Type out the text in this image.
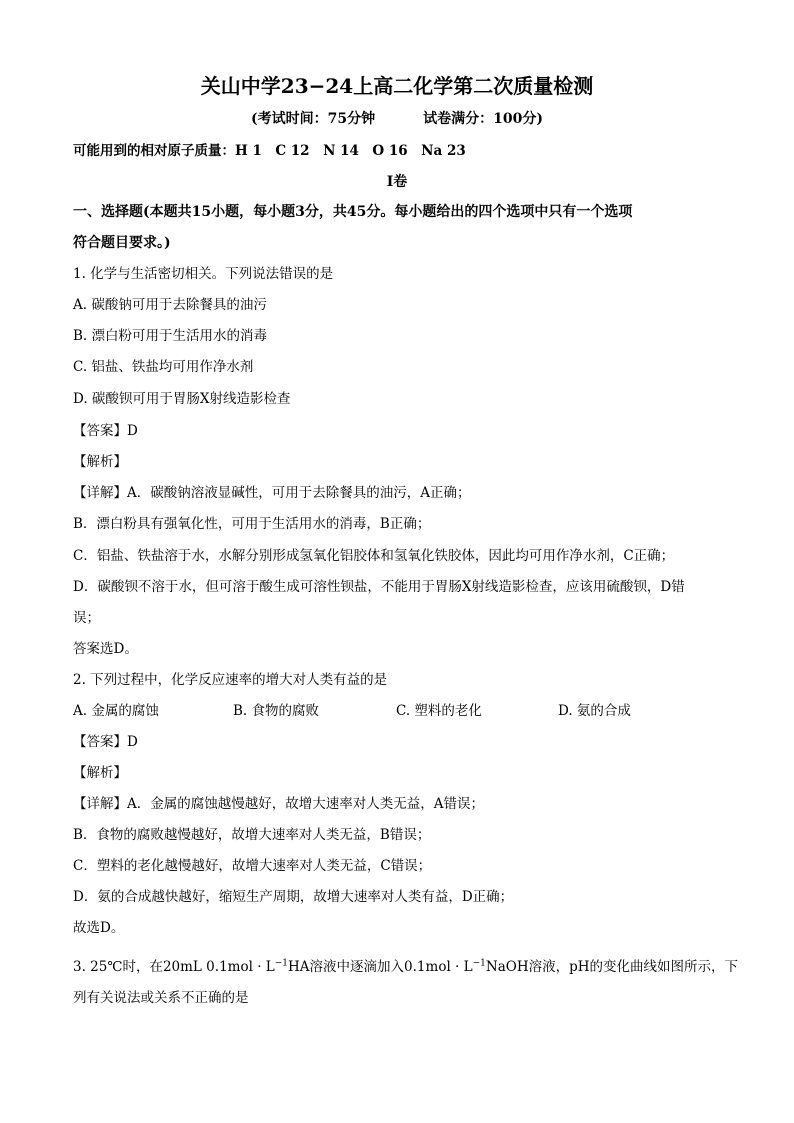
关山中学23−24上高二化学第二次质量检测
(考试时间：75分钟	试卷满分：100分)
可能用到的相对原子质量：H 1　C 12　N 14　O 16　Na 23
I卷
一、选择题(本题共15小题，每小题3分，共45分。每小题给出的四个选项中只有一个选项
符合题目要求。)
1. 化学与生活密切相关。下列说法错误的是
A. 碳酸钠可用于去除餐具的油污
B. 漂白粉可用于生活用水的消毒
C. 铝盐、铁盐均可用作净水剂
D. 碳酸钡可用于胃肠X射线造影检查
【答案】D
【解析】
【详解】A．碳酸钠溶液显碱性，可用于去除餐具的油污，A正确；
B．漂白粉具有强氧化性，可用于生活用水的消毒，B正确；
C．铝盐、铁盐溶于水，水解分别形成氢氧化铝胶体和氢氧化铁胶体，因此均可用作净水剂，C正确；
D．碳酸钡不溶于水，但可溶于酸生成可溶性钡盐，不能用于胃肠X射线造影检查，应该用硫酸钡，D错
误；
答案选D。
2. 下列过程中，化学反应速率的增大对人类有益的是
A. 金属的腐蚀	B. 食物的腐败	C. 塑料的老化	D. 氨的合成
【答案】D
【解析】
【详解】A．金属的腐蚀越慢越好，故增大速率对人类无益，A错误；
B．食物的腐败越慢越好，故增大速率对人类无益，B错误；
C．塑料的老化越慢越好，故增大速率对人类无益，C错误；
D．氨的合成越快越好，缩短生产周期，故增大速率对人类有益，D正确；
故选D。
3. 25℃时，在20mL $0.1mol \cdot L^{-1}HA$溶液中逐滴加入$0.1mol \cdot L^{-1}NaOH$溶液，pH的变化曲线如图所示，下
列有关说法或关系不正确的是
